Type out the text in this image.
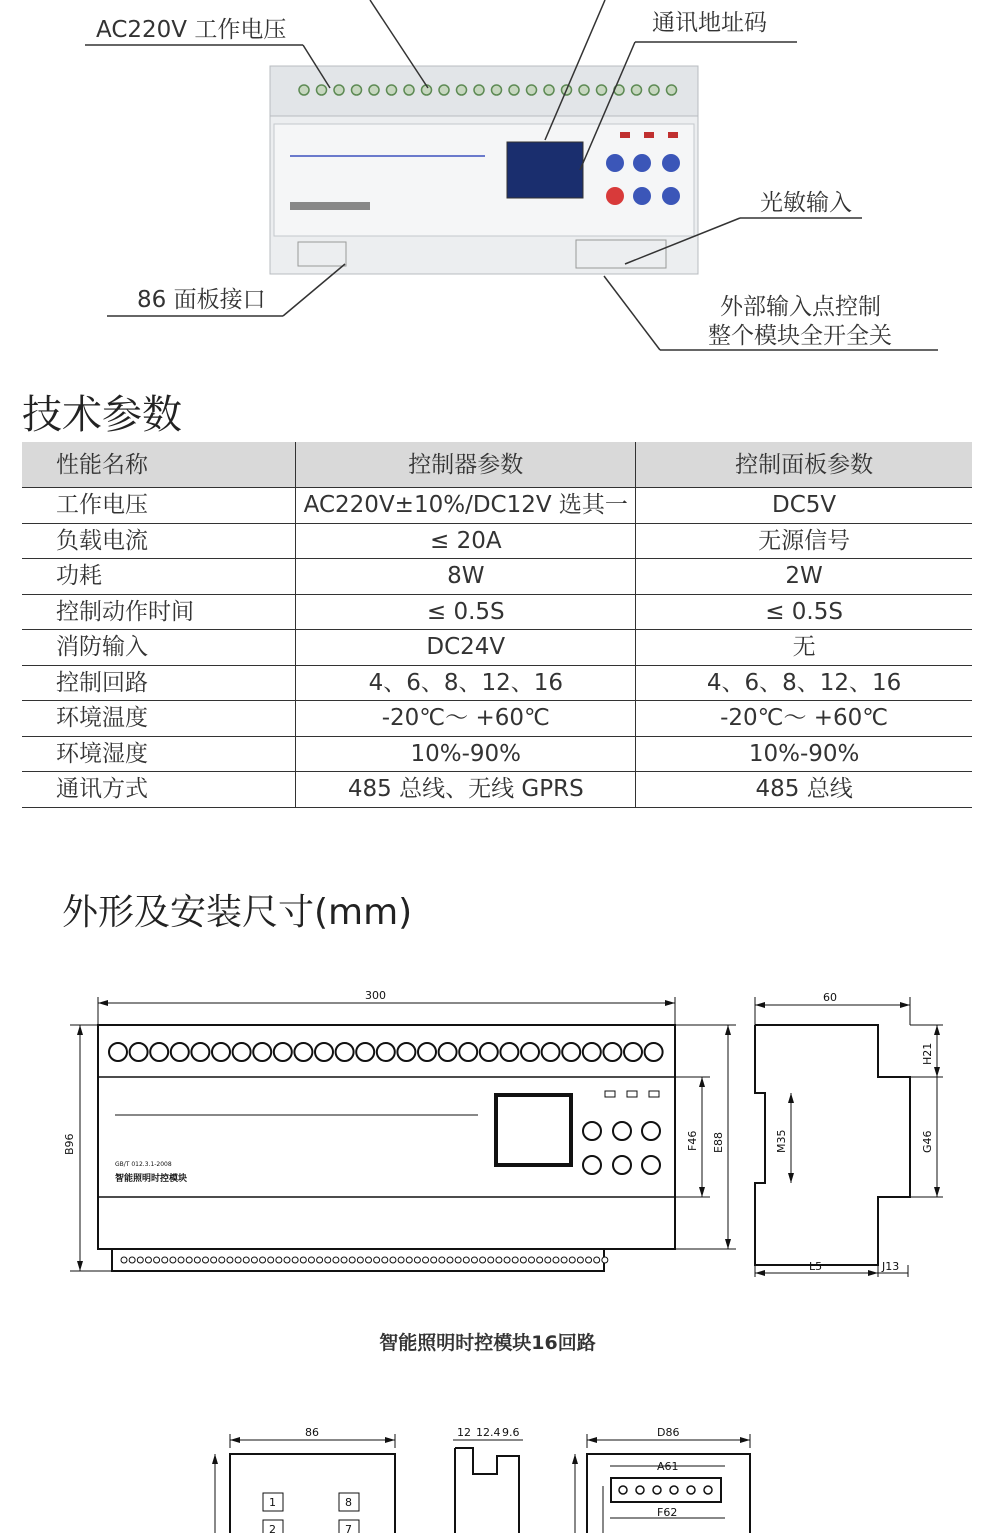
AC220V 工作电压	通讯地址码
光敏输入
86 面板接口	外部输入点控制
整个模块全开全关
技术参数
性能名称	控制器参数	控制面板参数
工作电压	AC220V±10%/DC12V 选其一	DC5V
负载电流	≤ 20A	无源信号
功耗	8W	2W
控制动作时间	≤ 0.5S	≤ 0.5S
消防输入	DC24V	无
控制回路	4、6、8、12、16	4、6、8、12、16
环境温度	-20℃～ +60℃	-20℃～ +60℃
环境湿度	10%-90%	10%-90%
通讯方式	485 总线、无线 GPRS	485 总线
外形及安装尺寸(mm)
300
GB/T 012.3.1-2008
智能照明时控模块
B96	F46 E88
60
H21
G46
M35
L5	J13
智能照明时控模块16回路
86
1	8
2	7
12 12.4 9.6	D86
A61
F62
